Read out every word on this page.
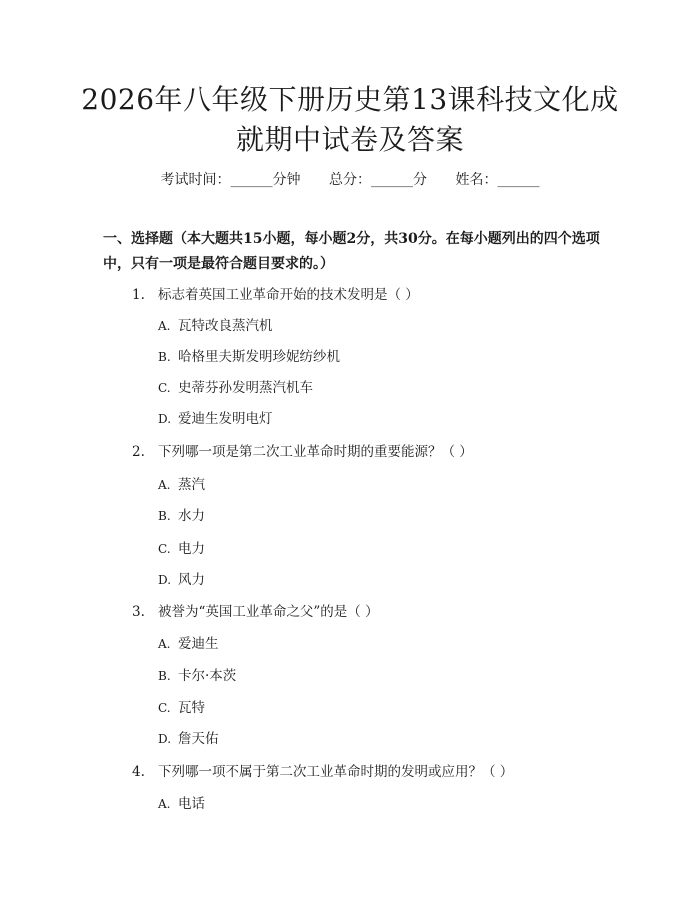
2026年八年级下册历史第13课科技文化成
就期中试卷及答案
考试时间：______分钟 总分：______分 姓名：______
一、选择题（本大题共15小题，每小题2分，共30分。在每小题列出的四个选项中，只有一项是最符合题目要求的。）
1. 标志着英国工业革命开始的技术发明是（ ）
A. 瓦特改良蒸汽机
B. 哈格里夫斯发明珍妮纺纱机
C. 史蒂芬孙发明蒸汽机车
D. 爱迪生发明电灯
2. 下列哪一项是第二次工业革命时期的重要能源？（ ）
A. 蒸汽
B. 水力
C. 电力
D. 风力
3. 被誉为“英国工业革命之父”的是（ ）
A. 爱迪生
B. 卡尔·本茨
C. 瓦特
D. 詹天佑
4. 下列哪一项不属于第二次工业革命时期的发明或应用？（ ）
A. 电话
